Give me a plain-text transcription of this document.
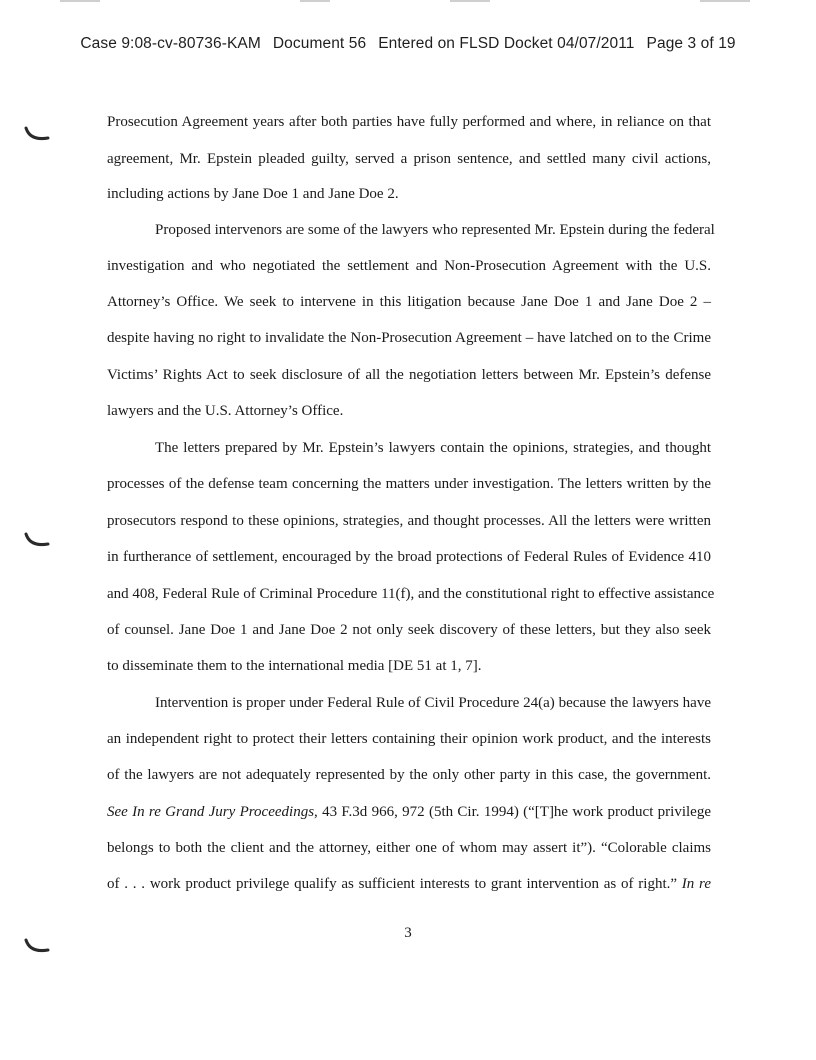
Case 9:08-cv-80736-KAM Document 56 Entered on FLSD Docket 04/07/2011 Page 3 of 19
Prosecution Agreement years after both parties have fully performed and where, in reliance on that
agreement, Mr. Epstein pleaded guilty, served a prison sentence, and settled many civil actions,
including actions by Jane Doe 1 and Jane Doe 2.
Proposed intervenors are some of the lawyers who represented Mr. Epstein during the federal
investigation and who negotiated the settlement and Non-Prosecution Agreement with the U.S.
Attorney’s Office. We seek to intervene in this litigation because Jane Doe 1 and Jane Doe 2 –
despite having no right to invalidate the Non-Prosecution Agreement – have latched on to the Crime
Victims’ Rights Act to seek disclosure of all the negotiation letters between Mr. Epstein’s defense
lawyers and the U.S. Attorney’s Office.
The letters prepared by Mr. Epstein’s lawyers contain the opinions, strategies, and thought
processes of the defense team concerning the matters under investigation. The letters written by the
prosecutors respond to these opinions, strategies, and thought processes. All the letters were written
in furtherance of settlement, encouraged by the broad protections of Federal Rules of Evidence 410
and 408, Federal Rule of Criminal Procedure 11(f), and the constitutional right to effective assistance
of counsel. Jane Doe 1 and Jane Doe 2 not only seek discovery of these letters, but they also seek
to disseminate them to the international media [DE 51 at 1, 7].
Intervention is proper under Federal Rule of Civil Procedure 24(a) because the lawyers have
an independent right to protect their letters containing their opinion work product, and the interests
of the lawyers are not adequately represented by the only other party in this case, the government.
See In re Grand Jury Proceedings, 43 F.3d 966, 972 (5th Cir. 1994) (“[T]he work product privilege
belongs to both the client and the attorney, either one of whom may assert it”). “Colorable claims
of . . . work product privilege qualify as sufficient interests to grant intervention as of right.” In re
3
